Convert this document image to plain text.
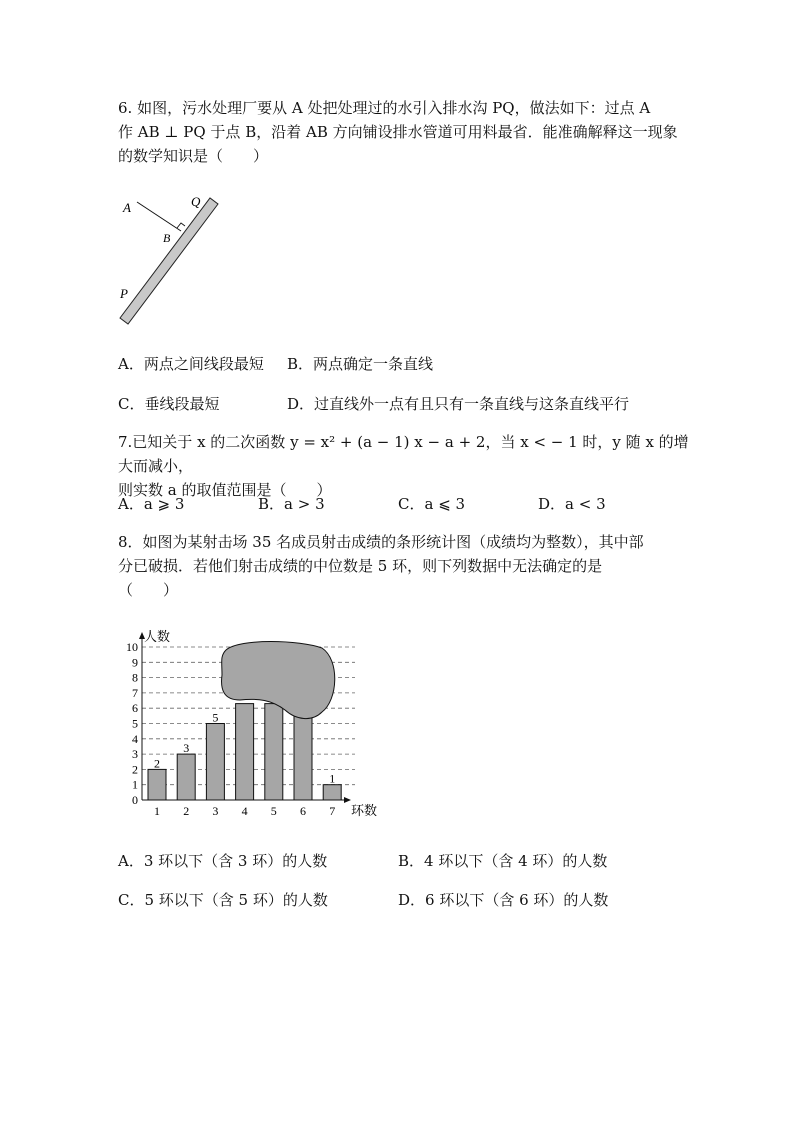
6. 如图，污水处理厂要从 A 处把处理过的水引入排水沟 PQ，做法如下：过点 A
作 AB ⊥ PQ 于点 B，沿着 AB 方向铺设排水管道可用料最省．能准确解释这一现象
的数学知识是（　　）
A
B
Q
P
A．两点之间线段最短 B．两点确定一条直线
C．垂线段最短	D．过直线外一点有且只有一条直线与这条直线平行
7.已知关于 x 的二次函数 y = x² + (a − 1) x − a + 2，当 x < − 1 时，y 随 x 的增大而减小，
则实数 a 的取值范围是（　　）
A．a ⩾ 3	B．a > 3	C．a ⩽ 3	D．a < 3
8．如图为某射击场 35 名成员射击成绩的条形统计图（成绩均为整数），其中部
分已破损．若他们射击成绩的中位数是 5 环，则下列数据中无法确定的是
（　　）
0
1
2
3
4
5
6
7
8
9
10
人数
环数
1
2
2
3
3
5
4 5 6 7
1
A．3 环以下（含 3 环）的人数	B．4 环以下（含 4 环）的人数
C．5 环以下（含 5 环）的人数	D．6 环以下（含 6 环）的人数
